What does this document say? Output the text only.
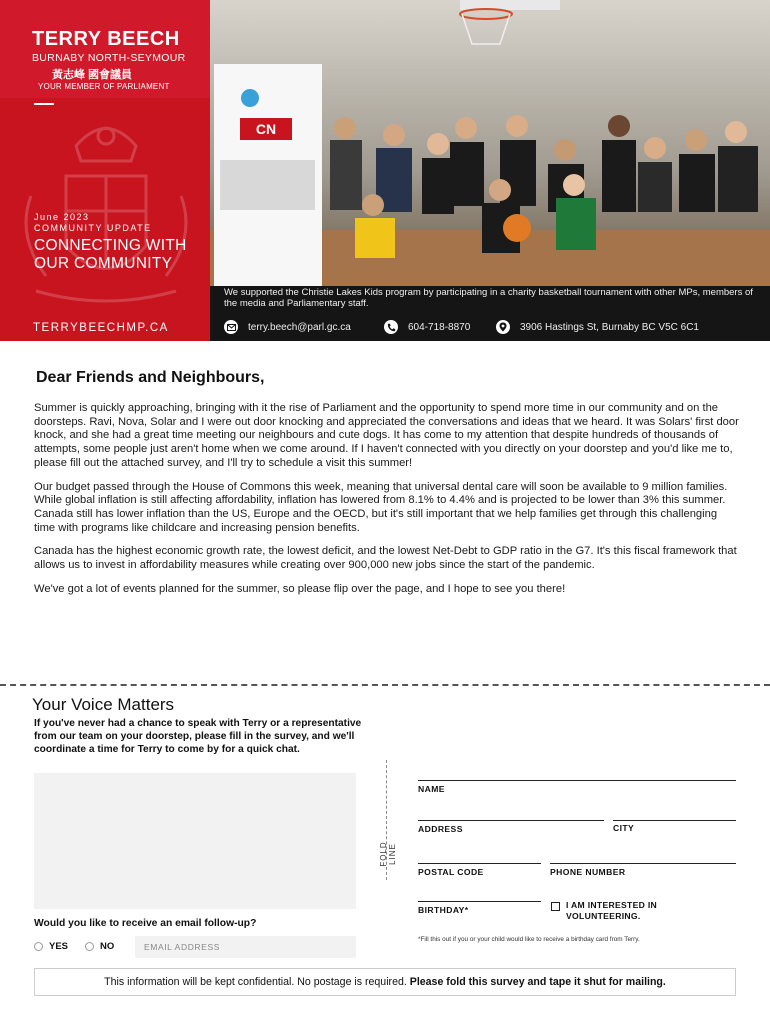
TERRY BEECH
BURNABY NORTH-SEYMOUR
黃志峰 國會議員
YOUR MEMBER OF PARLIAMENT
June 2023
COMMUNITY UPDATE
CONNECTING WITH OUR COMMUNITY
CN
We supported the Christie Lakes Kids program by participating in a charity basketball tournament with other MPs, members of the media and Parliamentary staff.
TERRYBEECHMP.CA	terry.beech@parl.gc.ca	604-718-8870	3906 Hastings St, Burnaby BC V5C 6C1
Dear Friends and Neighbours,

Summer is quickly approaching, bringing with it the rise of Parliament and the opportunity to spend more time in our community and on the doorsteps. Ravi, Nova, Solar and I were out door knocking and appreciated the conversations and ideas that we heard. It was Solars' first door knock, and she had a great time meeting our neighbours and cute dogs. It has come to my attention that despite hundreds of thousands of attempts, some people just aren't home when we come around. If I haven't connected with you directly on your doorstep and you'd like me to, please fill out the attached survey, and I'll try to schedule a visit this summer!

Our budget passed through the House of Commons this week, meaning that universal dental care will soon be available to 9 million families. While global inflation is still affecting affordability, inflation has lowered from 8.1% to 4.4% and is projected to be lower than 3% this summer. Canada still has lower inflation than the US, Europe and the OECD, but it's still important that we help families get through this challenging time with programs like childcare and increasing pension benefits.

Canada has the highest economic growth rate, the lowest deficit, and the lowest Net-Debt to GDP ratio in the G7. It's this fiscal framework that allows us to invest in affordability measures while creating over 900,000 new jobs since the start of the pandemic.

We've got a lot of events planned for the summer, so please flip over the page, and I hope to see you there!

Your Voice Matters
If you've never had a chance to speak with Terry or a representative from our team on your doorstep, please fill in the survey, and we'll coordinate a time for Terry to come by for a quick chat.
Would you like to receive an email follow-up?
YES	NO	EMAIL ADDRESS
FOLD LINE
NAME
ADDRESS	CITY
POSTAL CODE	PHONE NUMBER
BIRTHDAY*	I AM INTERESTED IN VOLUNTEERING.
*Fill this out if you or your child would like to receive a birthday card from Terry.
This information will be kept confidential. No postage is required. Please fold this survey and tape it shut for mailing.
